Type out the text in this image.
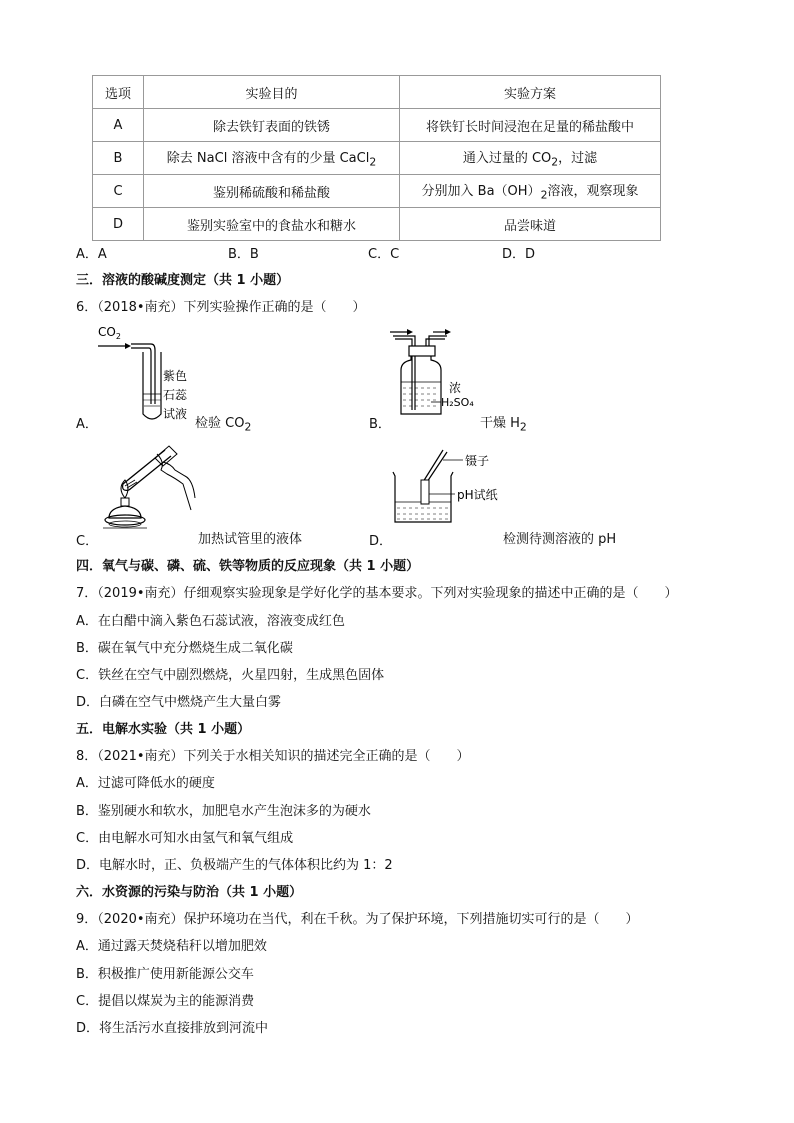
选项	实验目的	实验方案
A	除去铁钉表面的铁锈	将铁钉长时间浸泡在足量的稀盐酸中
B	除去 NaCl 溶液中含有的少量 CaCl$_2$	通入过量的 $CO_2$，过滤
C	鉴别稀硫酸和稀盐酸	分别加入 $Ba(OH)_2$溶液，观察现象
D	鉴别实验室中的食盐水和糖水	品尝味道
A．A	B．B	C．C	D．D
三．溶液的酸碱度测定（共 1 小题）
6．（2018•南充）下列实验操作正确的是（　　）
$CO_2$
紫色
石蕊
试液
A．	检验 $CO_2$
浓
H₂SO₄
B．	干燥 $H_2$
C．	加热试管里的液体
镊子
pH试纸
D．	检测待测溶液的 pH
四．氧气与碳、磷、硫、铁等物质的反应现象（共 1 小题）
7．（2019•南充）仔细观察实验现象是学好化学的基本要求。下列对实验现象的描述中正确的是（　　）
A．在白醋中滴入紫色石蕊试液，溶液变成红色
B．碳在氧气中充分燃烧生成二氧化碳
C．铁丝在空气中剧烈燃烧，火星四射，生成黑色固体
D．白磷在空气中燃烧产生大量白雾
五．电解水实验（共 1 小题）
8．（2021•南充）下列关于水相关知识的描述完全正确的是（　　）
A．过滤可降低水的硬度
B．鉴别硬水和软水，加肥皂水产生泡沫多的为硬水
C．由电解水可知水由氢气和氧气组成
D．电解水时，正、负极端产生的气体体积比约为 1：2
六．水资源的污染与防治（共 1 小题）
9．（2020•南充）保护环境功在当代，利在千秋。为了保护环境，下列措施切实可行的是（　　）
A．通过露天焚烧秸秆以增加肥效
B．积极推广使用新能源公交车
C．提倡以煤炭为主的能源消费
D．将生活污水直接排放到河流中
